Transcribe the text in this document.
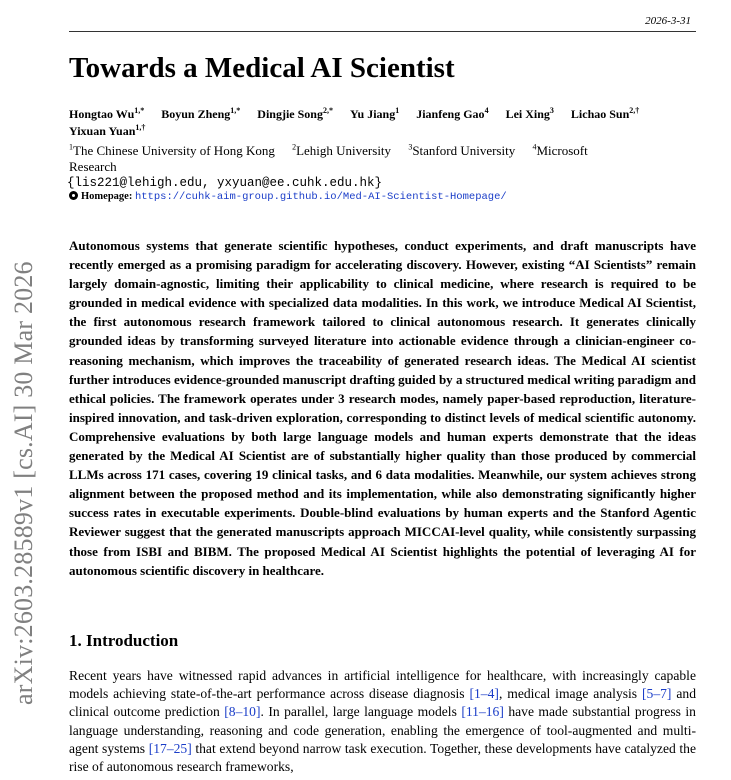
2026-3-31
arXiv:2603.28589v1 [cs.AI] 30 Mar 2026
Towards a Medical AI Scientist
Hongtao $Wu^{1,*}$ Boyun Zheng$^{1,*}$ Dingjie Song$^{2,*}$ Yu Jiang$^1$ Jianfeng Gao$^4$ Lei Xing$^3$ Lichao Sun$^{2,\dagger}$ Yixuan Yuan$^{1,\dagger}$
$^1$The Chinese University of Hong Kong $^2$Lehigh University $^3$Stanford University $^4$Microsoft Research
{lis221@lehigh.edu, yxyuan@ee.cuhk.edu.hk}
Homepage: https://cuhk-aim-group.github.io/Med-AI-Scientist-Homepage/
Autonomous systems that generate scientific hypotheses, conduct experiments, and draft manuscripts have recently emerged as a promising paradigm for accelerating discovery. However, existing “AI Scientists” remain largely domain-agnostic, limiting their applicability to clinical medicine, where research is required to be grounded in medical evidence with specialized data modalities. In this work, we introduce Medical AI Scientist, the first autonomous research framework tailored to clinical autonomous research. It generates clinically grounded ideas by transforming surveyed literature into actionable evidence through a clinician-engineer co-reasoning mechanism, which improves the traceability of generated research ideas. The Medical AI scientist further introduces evidence-grounded manuscript drafting guided by a structured medical writing paradigm and ethical policies. The framework operates under 3 research modes, namely paper-based reproduction, literature-inspired innovation, and task-driven exploration, corresponding to distinct levels of medical scientific autonomy. Comprehensive evaluations by both large language models and human experts demonstrate that the ideas generated by the Medical AI Scientist are of substantially higher quality than those produced by commercial LLMs across 171 cases, covering 19 clinical tasks, and 6 data modalities. Meanwhile, our system achieves strong alignment between the proposed method and its implementation, while also demonstrating significantly higher success rates in executable experiments. Double-blind evaluations by human experts and the Stanford Agentic Reviewer suggest that the generated manuscripts approach MICCAI-level quality, while consistently surpassing those from ISBI and BIBM. The proposed Medical AI Scientist highlights the potential of leveraging AI for autonomous scientific discovery in healthcare.
1. Introduction
Recent years have witnessed rapid advances in artificial intelligence for healthcare, with increasingly capable models achieving state-of-the-art performance across disease diagnosis [1–4], medical image analysis [5–7] and clinical outcome prediction [8–10]. In parallel, large language models [11–16] have made substantial progress in language understanding, reasoning and code generation, enabling the emergence of tool-augmented and multi-agent systems [17–25] that extend beyond narrow task execution. Together, these developments have catalyzed the rise of autonomous research frameworks,
